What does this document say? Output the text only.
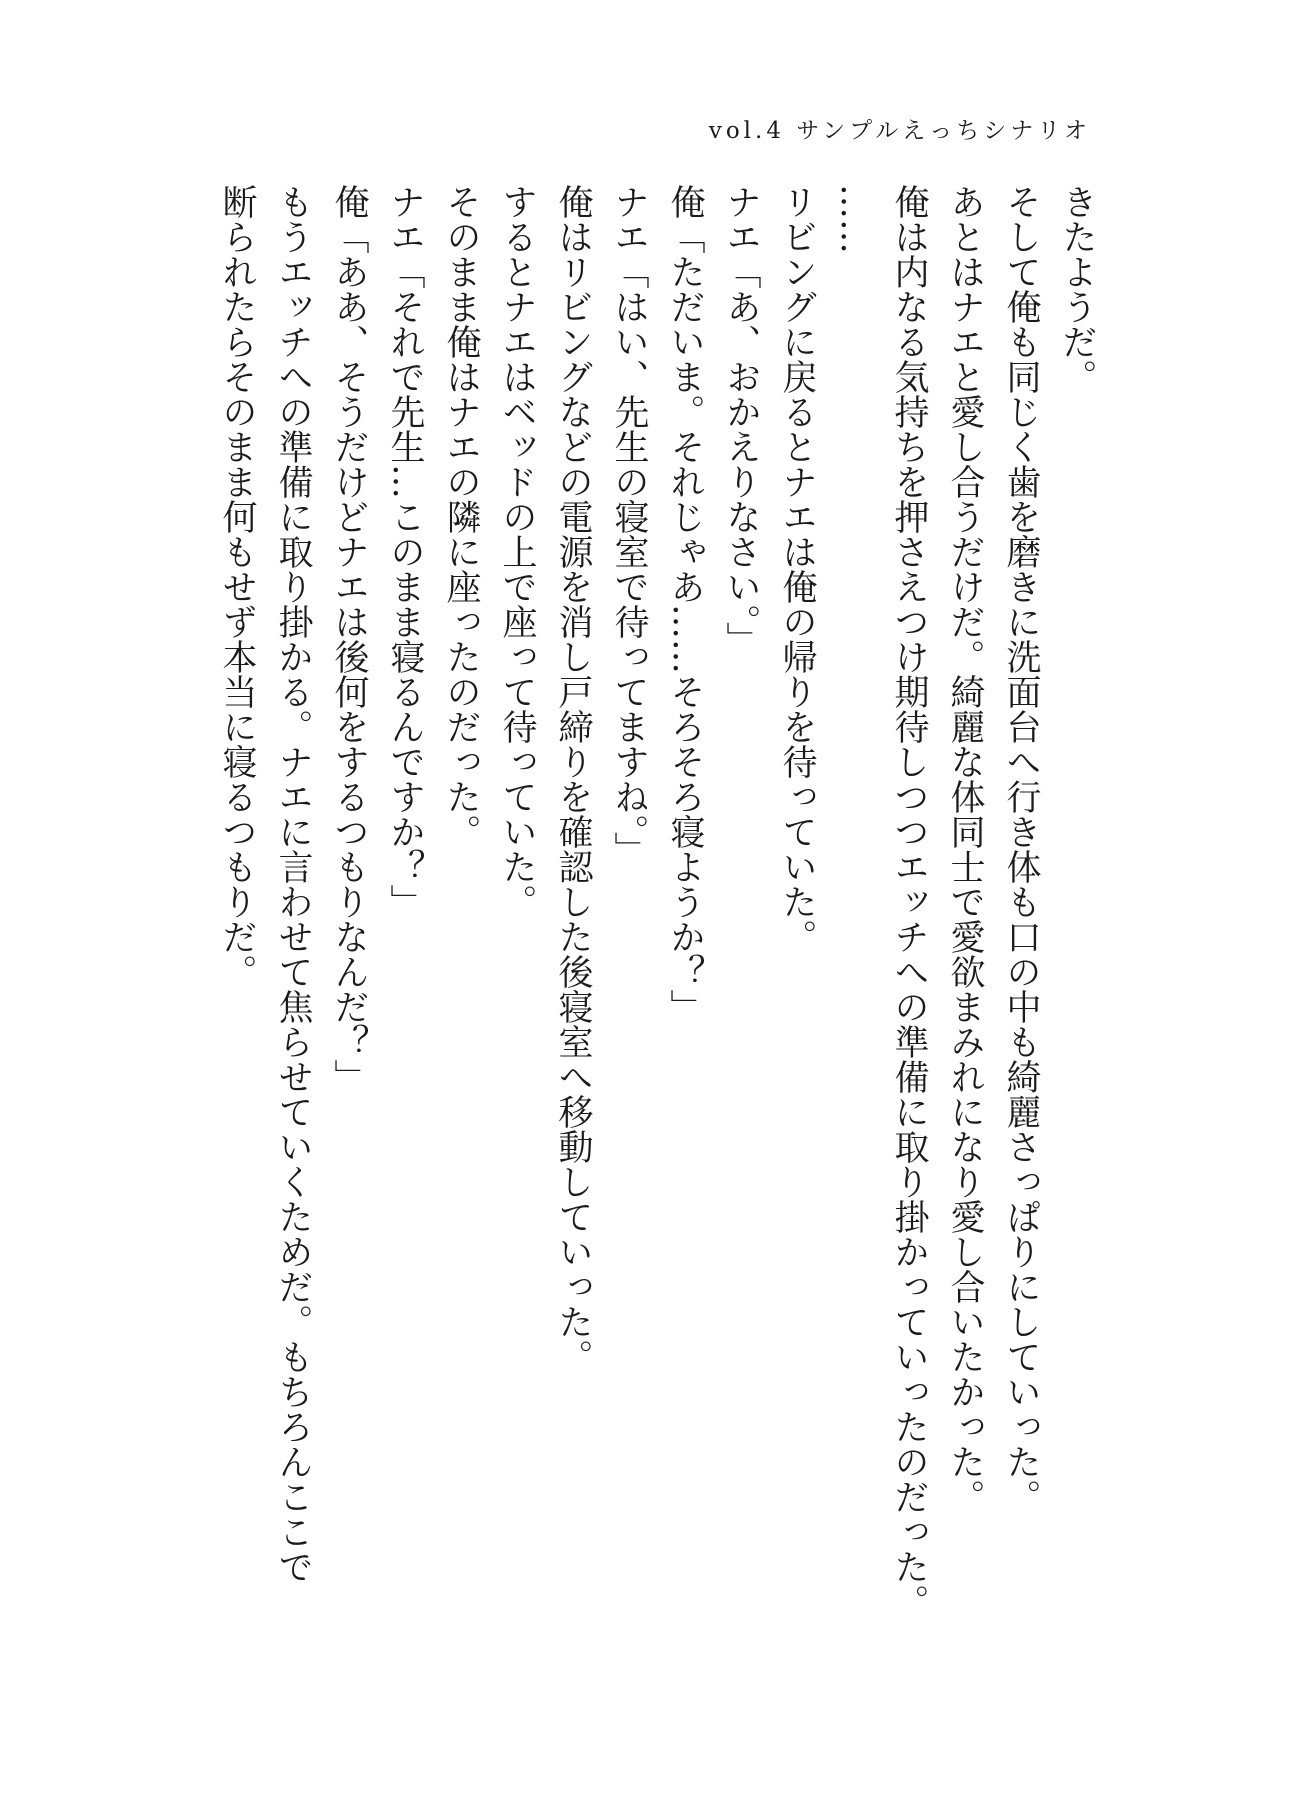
vol.4 サンプルえっちシナリオ

きたようだ。

そして俺も同じく歯を磨きに洗面台へ行き体も口の中も綺麗さっぱりにしていった。

あとはナエと愛し合うだけだ。綺麗な体同士で愛欲まみれになり愛し合いたかった。

俺は内なる気持ちを押さえつけ期待しつつエッチへの準備に取り掛かっていったのだった。

……

リビングに戻るとナエは俺の帰りを待っていた。

ナエ「あ、おかえりなさい。」

俺「ただいま。それじゃあ……そろそろ寝ようか？」

ナエ「はい、先生の寝室で待ってますね。」

俺はリビングなどの電源を消し戸締りを確認した後寝室へ移動していった。

するとナエはベッドの上で座って待っていた。

そのまま俺はナエの隣に座ったのだった。

ナエ「それで先生…このまま寝るんですか？」

俺「ああ、そうだけどナエは後何をするつもりなんだ？」

もうエッチへの準備に取り掛かる。ナエに言わせて焦らせていくためだ。もちろんここで

断られたらそのまま何もせず本当に寝るつもりだ。
